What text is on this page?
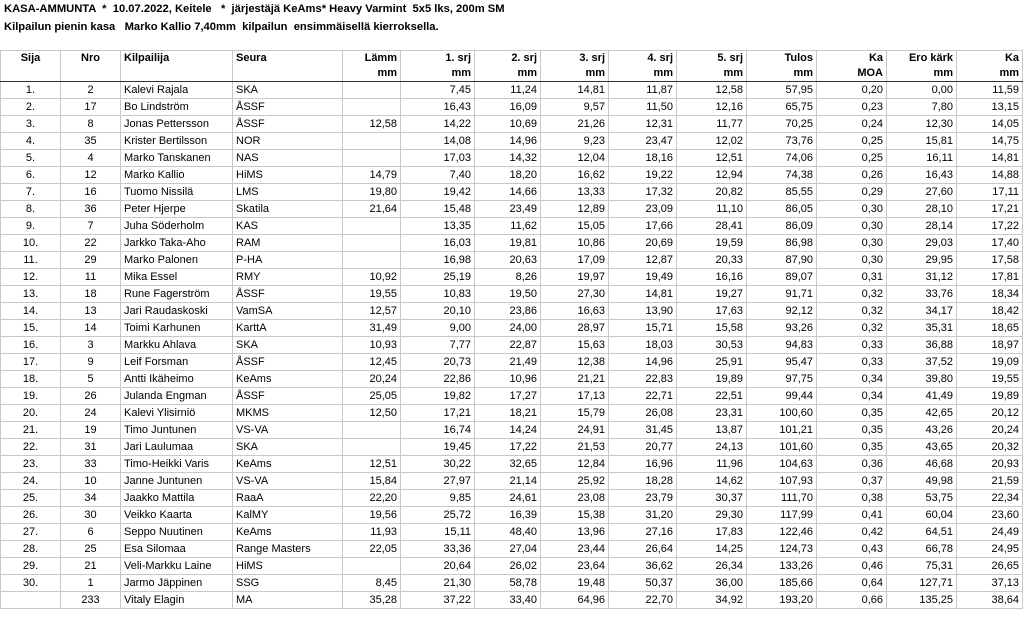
KASA-AMMUNTA  *  10.07.2022, Keitele   *  järjestäjä KeAms* Heavy Varmint  5x5 lks, 200m SM
Kilpailun pienin kasa   Marko Kallio 7,40mm  kilpailun  ensimmäisellä kierroksella.
Sija	Nro	Kilpailija	Seura	Lämm	1. srj	2. srj	3. srj	4. srj	5. srj	Tulos	Ka	Ero kärk	Ka
				mm	mm	mm	mm	mm	mm	mm	MOA	mm	mm
1.	2	Kalevi Rajala	SKA		7,45	11,24	14,81	11,87	12,58	57,95	0,20	0,00	11,59
2.	17	Bo Lindström	ÅSSF		16,43	16,09	9,57	11,50	12,16	65,75	0,23	7,80	13,15
3.	8	Jonas Pettersson	ÅSSF	12,58	14,22	10,69	21,26	12,31	11,77	70,25	0,24	12,30	14,05
4.	35	Krister Bertilsson	NOR		14,08	14,96	9,23	23,47	12,02	73,76	0,25	15,81	14,75
5.	4	Marko Tanskanen	NAS		17,03	14,32	12,04	18,16	12,51	74,06	0,25	16,11	14,81
6.	12	Marko Kallio	HiMS	14,79	7,40	18,20	16,62	19,22	12,94	74,38	0,26	16,43	14,88
7.	16	Tuomo Nissilä	LMS	19,80	19,42	14,66	13,33	17,32	20,82	85,55	0,29	27,60	17,11
8.	36	Peter Hjerpe	Skatila	21,64	15,48	23,49	12,89	23,09	11,10	86,05	0,30	28,10	17,21
9.	7	Juha Söderholm	KAS		13,35	11,62	15,05	17,66	28,41	86,09	0,30	28,14	17,22
10.	22	Jarkko Taka-Aho	RAM		16,03	19,81	10,86	20,69	19,59	86,98	0,30	29,03	17,40
11.	29	Marko Palonen	P-HA		16,98	20,63	17,09	12,87	20,33	87,90	0,30	29,95	17,58
12.	11	Mika Essel	RMY	10,92	25,19	8,26	19,97	19,49	16,16	89,07	0,31	31,12	17,81
13.	18	Rune Fagerström	ÅSSF	19,55	10,83	19,50	27,30	14,81	19,27	91,71	0,32	33,76	18,34
14.	13	Jari Raudaskoski	VamSA	12,57	20,10	23,86	16,63	13,90	17,63	92,12	0,32	34,17	18,42
15.	14	Toimi Karhunen	KarttA	31,49	9,00	24,00	28,97	15,71	15,58	93,26	0,32	35,31	18,65
16.	3	Markku Ahlava	SKA	10,93	7,77	22,87	15,63	18,03	30,53	94,83	0,33	36,88	18,97
17.	9	Leif Forsman	ÅSSF	12,45	20,73	21,49	12,38	14,96	25,91	95,47	0,33	37,52	19,09
18.	5	Antti Ikäheimo	KeAms	20,24	22,86	10,96	21,21	22,83	19,89	97,75	0,34	39,80	19,55
19.	26	Julanda Engman	ÅSSF	25,05	19,82	17,27	17,13	22,71	22,51	99,44	0,34	41,49	19,89
20.	24	Kalevi Ylisirniö	MKMS	12,50	17,21	18,21	15,79	26,08	23,31	100,60	0,35	42,65	20,12
21.	19	Timo Juntunen	VS-VA		16,74	14,24	24,91	31,45	13,87	101,21	0,35	43,26	20,24
22.	31	Jari Laulumaa	SKA		19,45	17,22	21,53	20,77	24,13	101,60	0,35	43,65	20,32
23.	33	Timo-Heikki Varis	KeAms	12,51	30,22	32,65	12,84	16,96	11,96	104,63	0,36	46,68	20,93
24.	10	Janne Juntunen	VS-VA	15,84	27,97	21,14	25,92	18,28	14,62	107,93	0,37	49,98	21,59
25.	34	Jaakko Mattila	RaaA	22,20	9,85	24,61	23,08	23,79	30,37	111,70	0,38	53,75	22,34
26.	30	Veikko Kaarta	KalMY	19,56	25,72	16,39	15,38	31,20	29,30	117,99	0,41	60,04	23,60
27.	6	Seppo Nuutinen	KeAms	11,93	15,11	48,40	13,96	27,16	17,83	122,46	0,42	64,51	24,49
28.	25	Esa Silomaa	Range Masters	22,05	33,36	27,04	23,44	26,64	14,25	124,73	0,43	66,78	24,95
29.	21	Veli-Markku Laine	HiMS		20,64	26,02	23,64	36,62	26,34	133,26	0,46	75,31	26,65
30.	1	Jarmo Jäppinen	SSG	8,45	21,30	58,78	19,48	50,37	36,00	185,66	0,64	127,71	37,13
	233	Vitaly Elagin	MA	35,28	37,22	33,40	64,96	22,70	34,92	193,20	0,66	135,25	38,64
